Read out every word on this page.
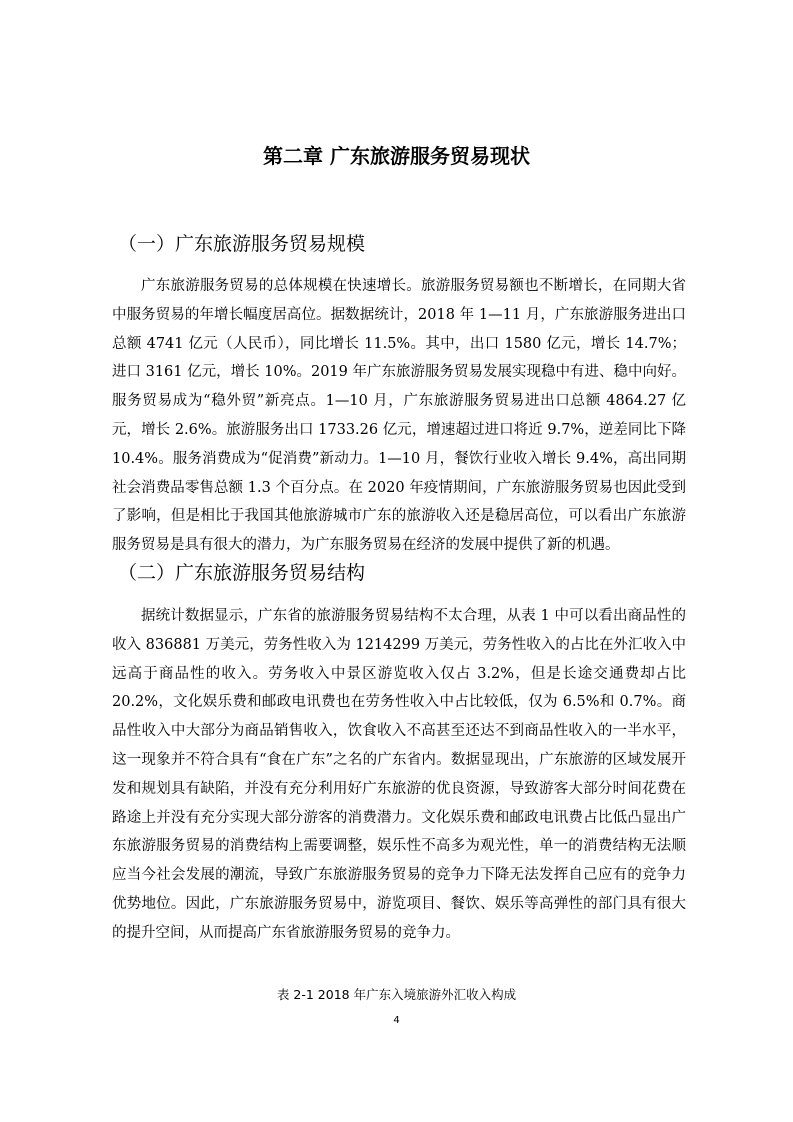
第二章 广东旅游服务贸易现状
（一）广东旅游服务贸易规模

广东旅游服务贸易的总体规模在快速增长。旅游服务贸易额也不断增长，在同期大省中服务贸易的年增长幅度居高位。据数据统计，2018 年 1—11 月，广东旅游服务进出口总额 4741 亿元（人民币），同比增长 11.5%。其中，出口 1580 亿元，增长 14.7%；进口 3161 亿元，增长 10%。2019 年广东旅游服务贸易发展实现稳中有进、稳中向好。服务贸易成为“稳外贸”新亮点。1—10 月，广东旅游服务贸易进出口总额 4864.27 亿元，增长 2.6%。旅游服务出口 1733.26 亿元，增速超过进口将近 9.7%，逆差同比下降 10.4%。服务消费成为“促消费”新动力。1—10 月，餐饮行业收入增长 9.4%，高出同期社会消费品零售总额 1.3 个百分点。在 2020 年疫情期间，广东旅游服务贸易也因此受到了影响，但是相比于我国其他旅游城市广东的旅游收入还是稳居高位，可以看出广东旅游服务贸易是具有很大的潜力，为广东服务贸易在经济的发展中提供了新的机遇。

（二）广东旅游服务贸易结构

据统计数据显示，广东省的旅游服务贸易结构不太合理，从表 1 中可以看出商品性的收入 836881 万美元，劳务性收入为 1214299 万美元，劳务性收入的占比在外汇收入中远高于商品性的收入。劳务收入中景区游览收入仅占 3.2%，但是长途交通费却占比 20.2%，文化娱乐费和邮政电讯费也在劳务性收入中占比较低，仅为 6.5%和 0.7%。商品性收入中大部分为商品销售收入，饮食收入不高甚至还达不到商品性收入的一半水平，这一现象并不符合具有“食在广东”之名的广东省内。数据显现出，广东旅游的区域发展开发和规划具有缺陷，并没有充分利用好广东旅游的优良资源，导致游客大部分时间花费在路途上并没有充分实现大部分游客的消费潜力。文化娱乐费和邮政电讯费占比低凸显出广东旅游服务贸易的消费结构上需要调整，娱乐性不高多为观光性，单一的消费结构无法顺应当今社会发展的潮流，导致广东旅游服务贸易的竞争力下降无法发挥自己应有的竞争力优势地位。因此，广东旅游服务贸易中，游览项目、餐饮、娱乐等高弹性的部门具有很大的提升空间，从而提高广东省旅游服务贸易的竞争力。

表 2-1 2018 年广东入境旅游外汇收入构成
4
